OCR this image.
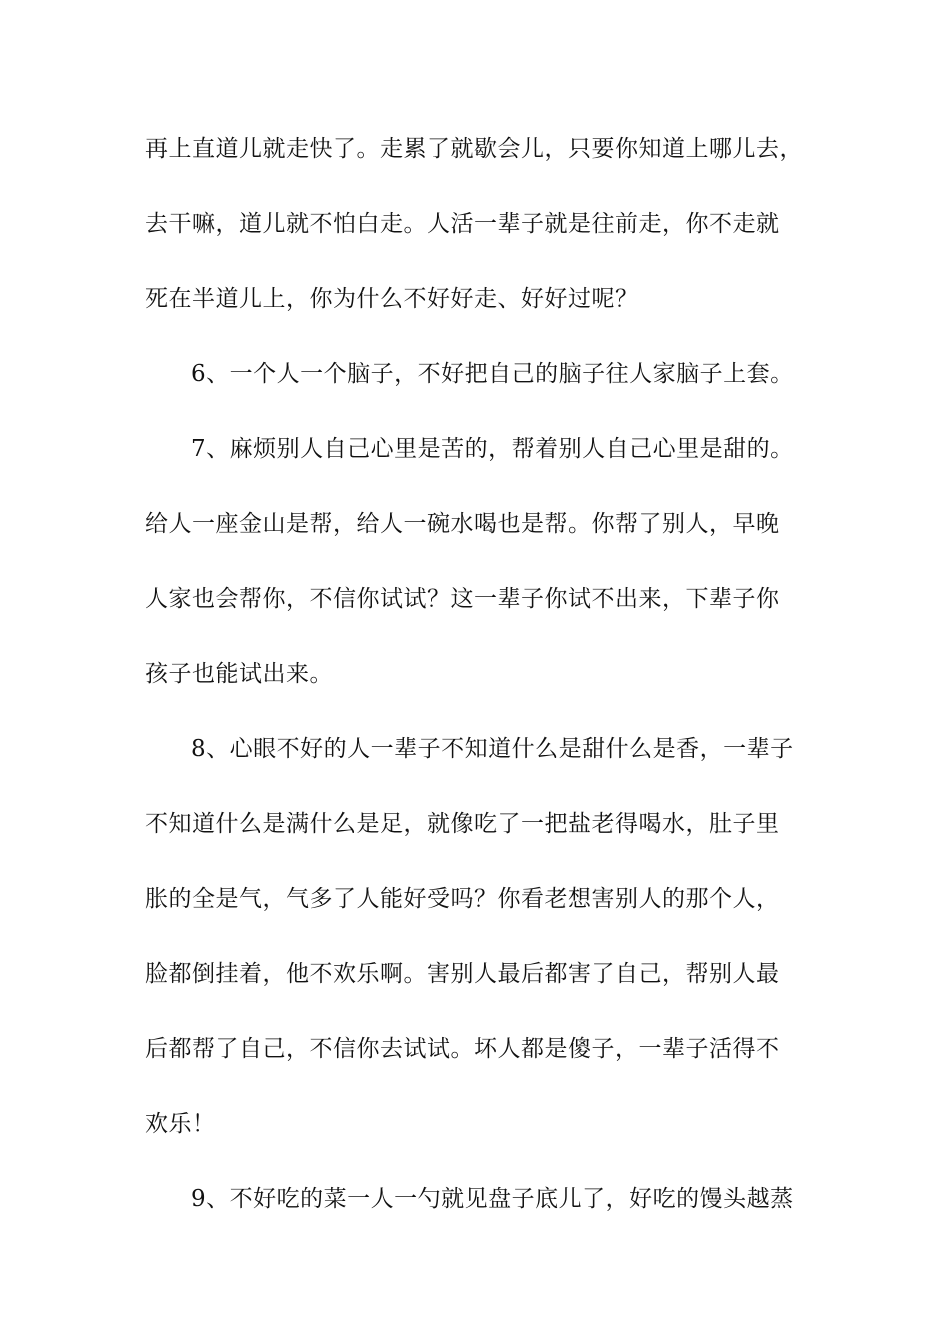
再上直道儿就走快了。走累了就歇会儿，只要你知道上哪儿去，
去干嘛，道儿就不怕白走。人活一辈子就是往前走，你不走就
死在半道儿上，你为什么不好好走、好好过呢？
6、一个人一个脑子，不好把自己的脑子往人家脑子上套。
7、麻烦别人自己心里是苦的，帮着别人自己心里是甜的。
给人一座金山是帮，给人一碗水喝也是帮。你帮了别人，早晚
人家也会帮你，不信你试试？这一辈子你试不出来，下辈子你
孩子也能试出来。
8、心眼不好的人一辈子不知道什么是甜什么是香，一辈子
不知道什么是满什么是足，就像吃了一把盐老得喝水，肚子里
胀的全是气，气多了人能好受吗？你看老想害别人的那个人，
脸都倒挂着，他不欢乐啊。害别人最后都害了自己，帮别人最
后都帮了自己，不信你去试试。坏人都是傻子，一辈子活得不
欢乐！
9、不好吃的菜一人一勺就见盘子底儿了，好吃的馒头越蒸
